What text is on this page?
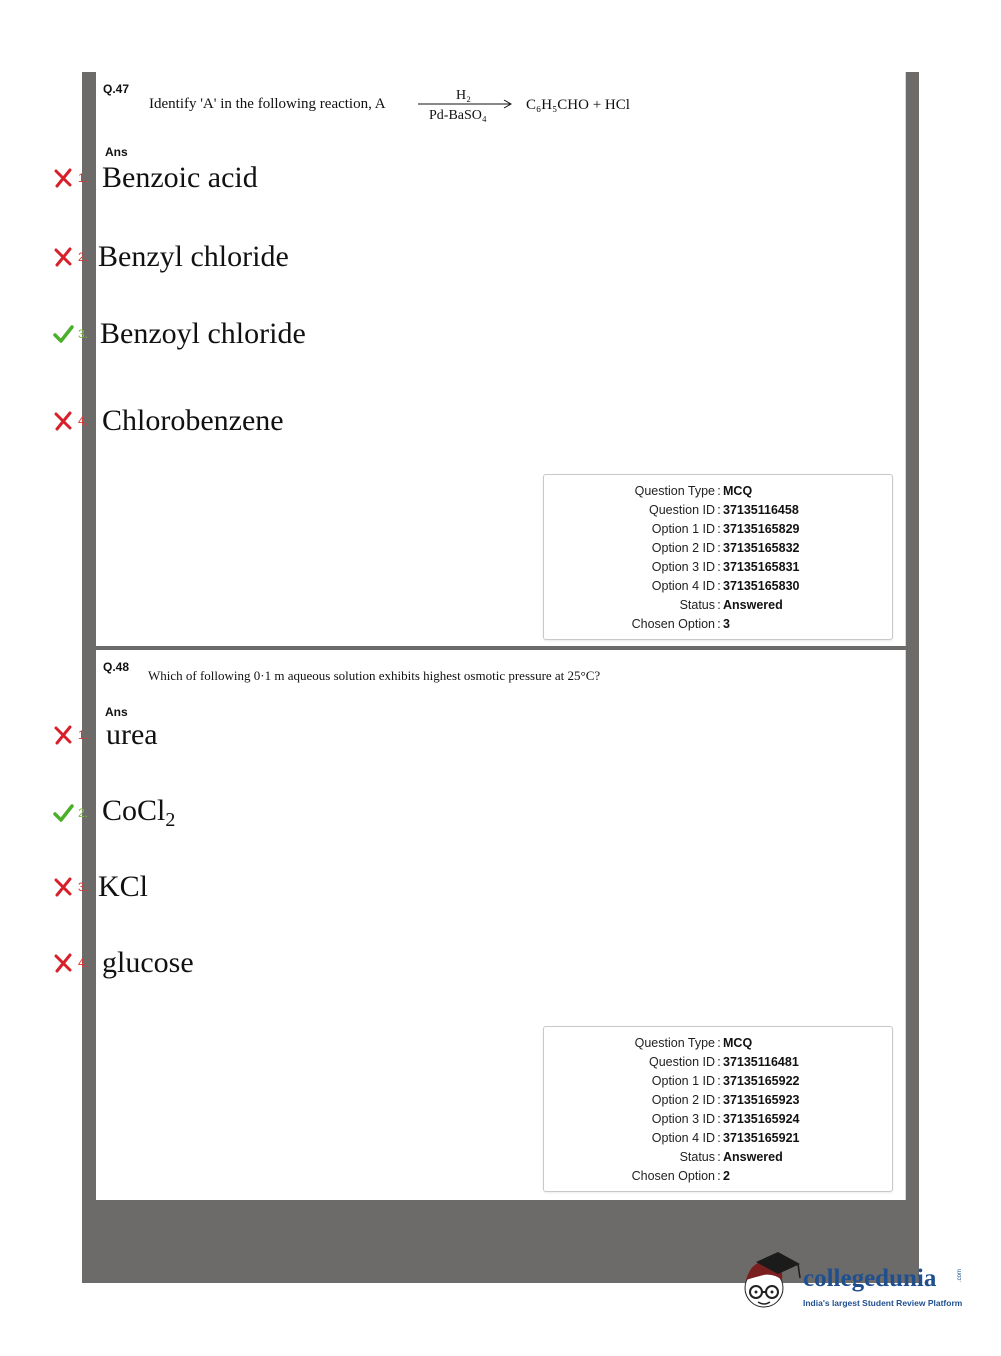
Q.47
Ans
Q.48
Ans
Identify 'A' in the following reaction, A
H₂
Pd-BaSO₄
C₆H₅CHO + HCl
1. Benzoic acid
2. Benzyl chloride
3. Benzoyl chloride
4. Chlorobenzene
Question Type : MCQ
Question ID : 37135116458
Option 1 ID : 37135165829
Option 2 ID : 37135165832
Option 3 ID : 37135165831
Option 4 ID : 37135165830
Status : Answered
Chosen Option : 3
Which of following 0·1 m aqueous solution exhibits highest osmotic pressure at 25°C?
1. urea
2. CoCl$_2$
3. KCl
4. glucose
Question Type : MCQ
Question ID : 37135116481
Option 1 ID : 37135165922
Option 2 ID : 37135165923
Option 3 ID : 37135165924
Option 4 ID : 37135165921
Status : Answered
Chosen Option : 2
collegedunia	.com
India's largest Student Review Platform
